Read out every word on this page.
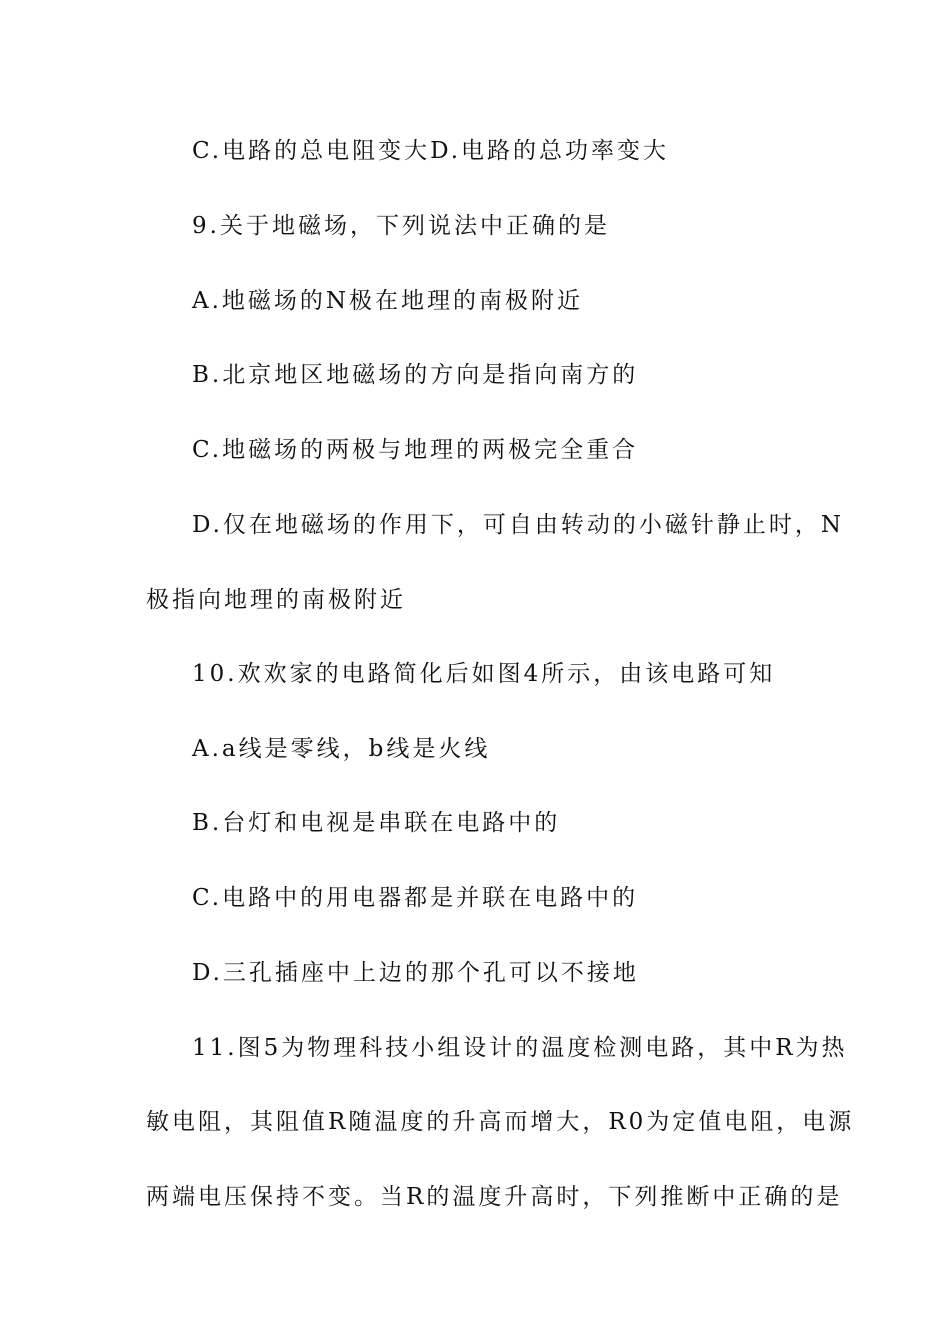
C.电路的总电阻变大D.电路的总功率变大
9.关于地磁场，下列说法中正确的是
A.地磁场的N极在地理的南极附近
B.北京地区地磁场的方向是指向南方的
C.地磁场的两极与地理的两极完全重合
D.仅在地磁场的作用下，可自由转动的小磁针静止时，N
极指向地理的南极附近
10.欢欢家的电路简化后如图4所示，由该电路可知
A.a线是零线，b线是火线
B.台灯和电视是串联在电路中的
C.电路中的用电器都是并联在电路中的
D.三孔插座中上边的那个孔可以不接地
11.图5为物理科技小组设计的温度检测电路，其中R为热
敏电阻，其阻值R随温度的升高而增大，R0为定值电阻，电源
两端电压保持不变。当R的温度升高时，下列推断中正确的是
